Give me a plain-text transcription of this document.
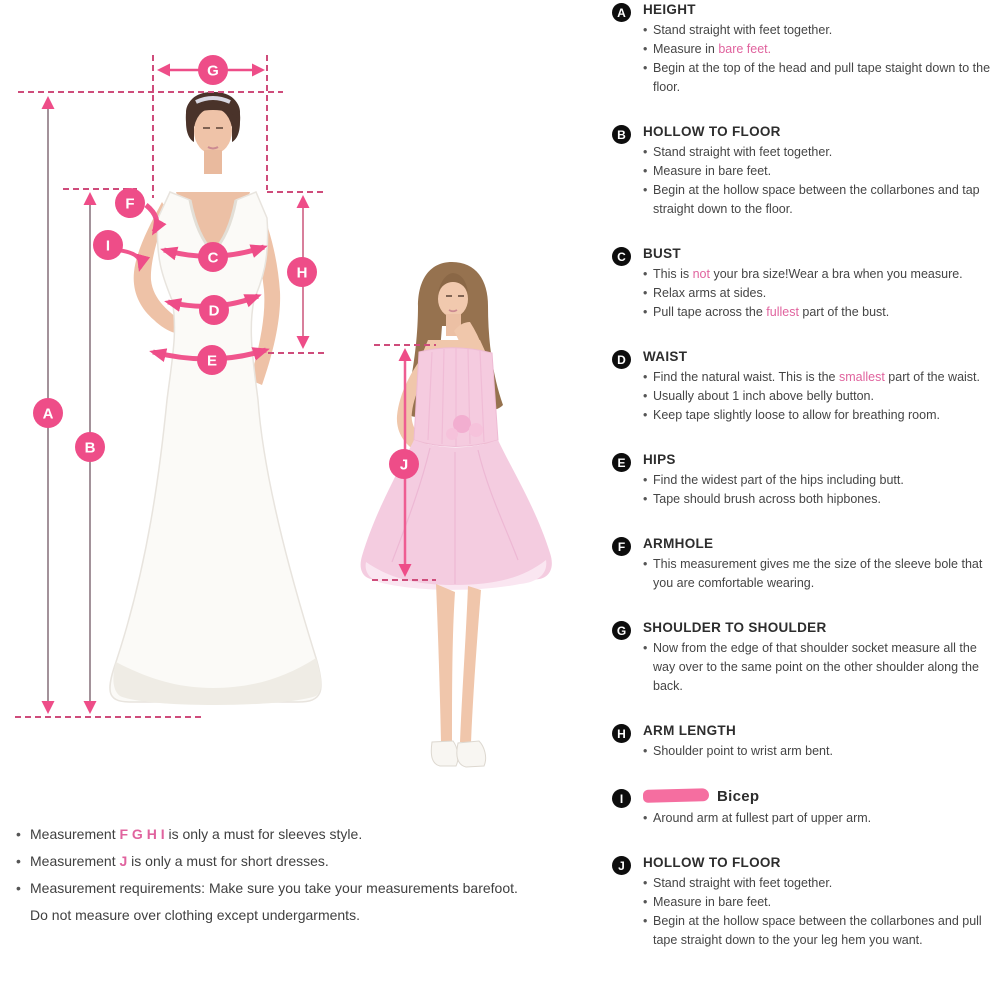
G
F
I
C
H
D
E
A
B
J
A	HEIGHT
• Stand straight with feet together.
• Measure in bare feet.
• Begin at the top of the head and pull tape staight down to the floor.
B	HOLLOW TO FLOOR
• Stand straight with feet together.
• Measure in bare feet.
• Begin at the hollow space between the collarbones and tap straight down to the floor.
C	BUST
• This is not your bra size!Wear a bra when you measure.
• Relax arms at sides.
• Pull tape across the fullest part of the bust.
D	WAIST
• Find the natural waist. This is the smallest part of the waist.
• Usually about 1 inch above belly button.
• Keep tape slightly loose to allow for breathing room.
E	HIPS
• Find the widest part of the hips including butt.
• Tape should brush across both hipbones.
F	ARMHOLE
• This measurement gives me the size of the sleeve bole that you are comfortable wearing.
G	SHOULDER TO SHOULDER
• Now from the edge of that shoulder socket measure all the way over to the same point on the other shoulder along the back.
H	ARM LENGTH
• Shoulder point to wrist arm bent.
I	Bicep
• Around arm at fullest part of upper arm.
J	HOLLOW TO FLOOR
• Stand straight with feet together.
• Measure in bare feet.
• Begin at the hollow space between the collarbones and pull tape straight down to the your leg hem you want.
• Measurement F G H I is only a must for sleeves style.
• Measurement J is only a must for short dresses.
• Measurement requirements: Make sure you take your measurements barefoot.
Do not measure over clothing except undergarments.
